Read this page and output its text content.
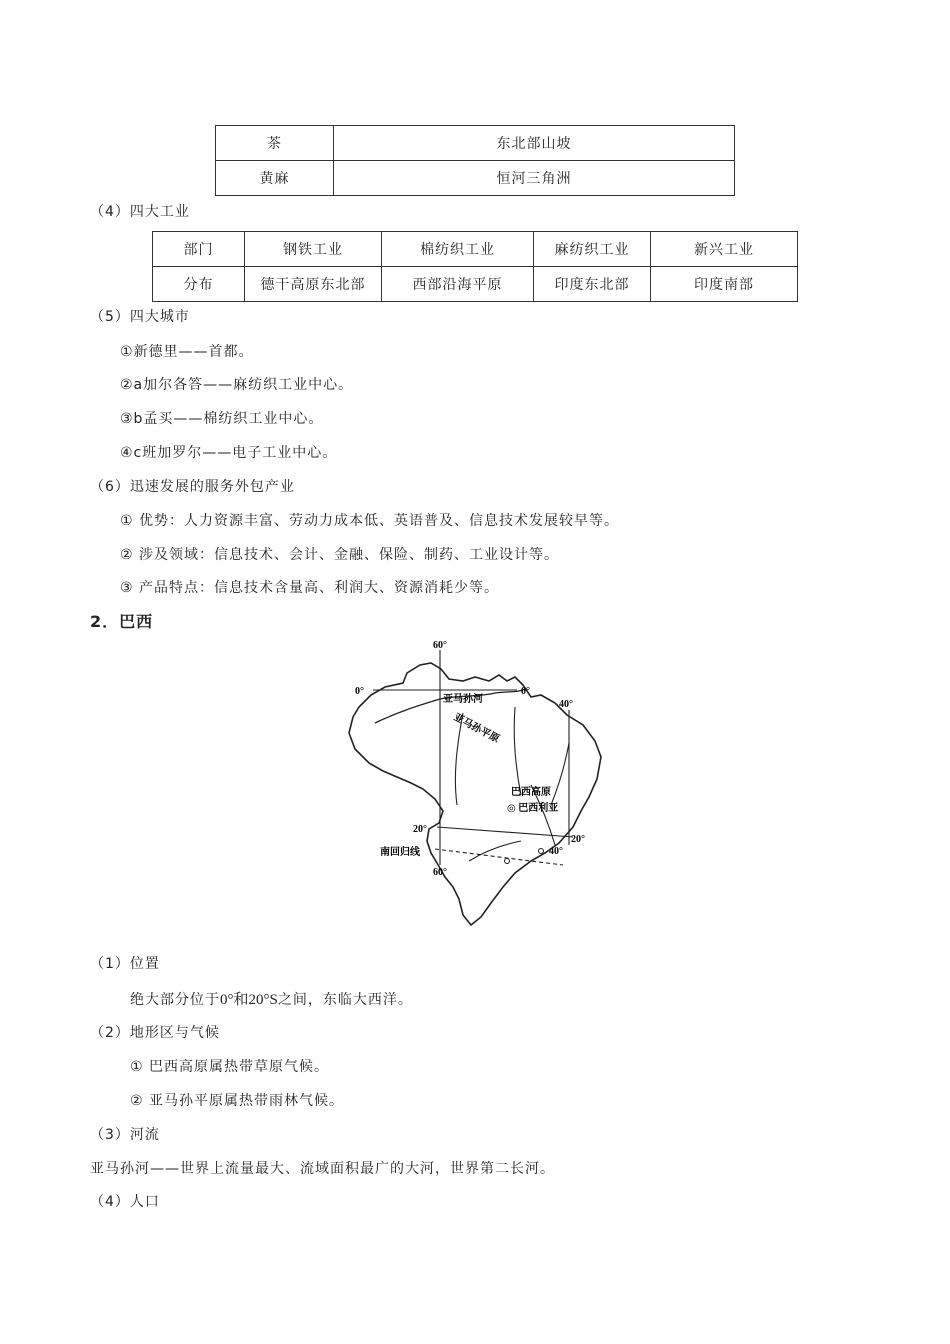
茶	东北部山坡
黄麻	恒河三角洲
（4）四大工业
部门	钢铁工业	棉纺织工业	麻纺织工业	新兴工业
分布	德干高原东北部	西部沿海平原	印度东北部	印度南部
（5）四大城市
①新德里——首都。
②a加尔各答——麻纺织工业中心。
③b孟买——棉纺织工业中心。
④c班加罗尔——电子工业中心。
（6）迅速发展的服务外包产业
① 优势：人力资源丰富、劳动力成本低、英语普及、信息技术发展较早等。
② 涉及领域：信息技术、会计、金融、保险、制药、工业设计等。
③ 产品特点：信息技术含量高、利润大、资源消耗少等。
2．巴西
60°
40°
0°	0°
亚马孙河
亚马孙平原
巴西高原
◎ 巴西利亚
20°
20°
40°
南回归线
60°
（1）位置
绝大部分位于0°和20°S之间，东临大西洋。
（2）地形区与气候
① 巴西高原属热带草原气候。
② 亚马孙平原属热带雨林气候。
（3）河流
亚马孙河——世界上流量最大、流域面积最广的大河，世界第二长河。
（4）人口
